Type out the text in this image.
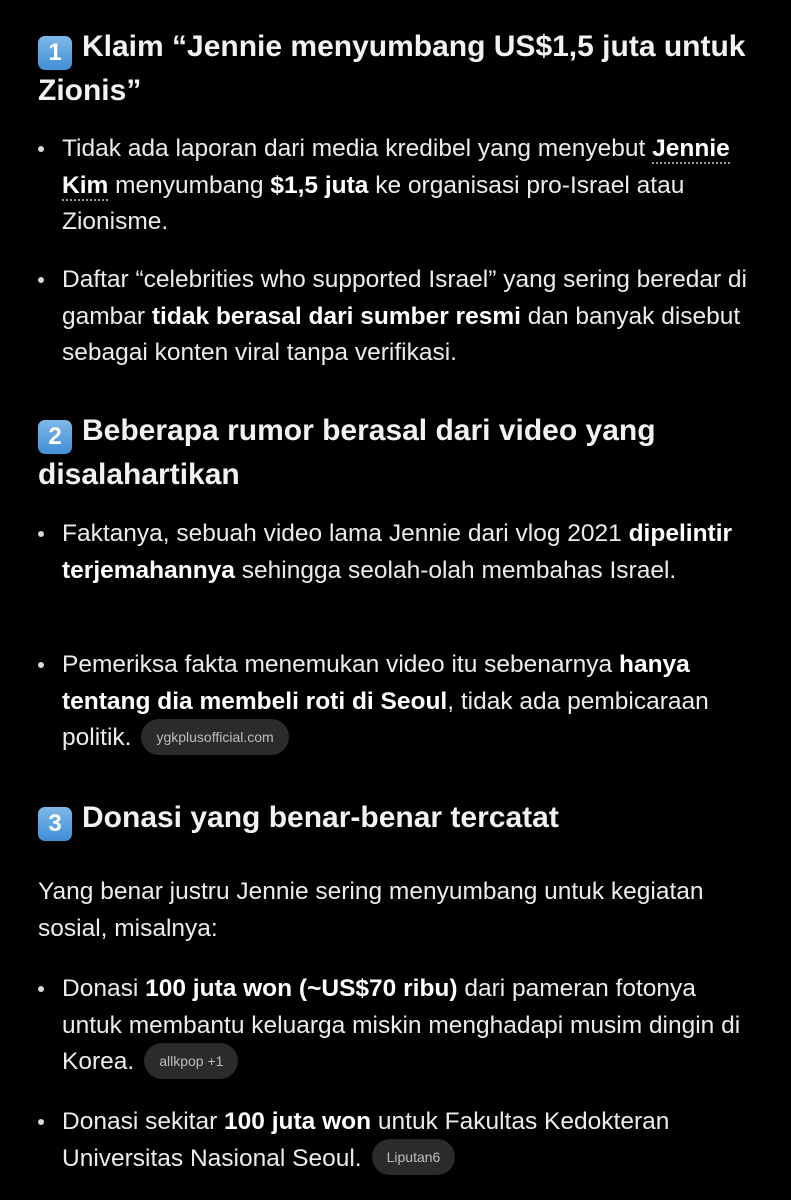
1 Klaim “Jennie menyumbang US$1,5 juta untuk Zionis”
Tidak ada laporan dari media kredibel yang menyebut Jennie Kim menyumbang $1,5 juta ke organisasi pro-Israel atau Zionisme.
Daftar “celebrities who supported Israel” yang sering beredar di gambar tidak berasal dari sumber resmi dan banyak disebut sebagai konten viral tanpa verifikasi.
2 Beberapa rumor berasal dari video yang disalahartikan
Faktanya, sebuah video lama Jennie dari vlog 2021 dipelintir terjemahannya sehingga seolah-olah membahas Israel.
Pemeriksa fakta menemukan video itu sebenarnya hanya tentang dia membeli roti di Seoul, tidak ada pembicaraan politik. ygkplusofficial.com
3 Donasi yang benar-benar tercatat
Yang benar justru Jennie sering menyumbang untuk kegiatan sosial, misalnya:
Donasi 100 juta won (~US$70 ribu) dari pameran fotonya untuk membantu keluarga miskin menghadapi musim dingin di Korea. allkpop +1
Donasi sekitar 100 juta won untuk Fakultas Kedokteran Universitas Nasional Seoul. Liputan6
